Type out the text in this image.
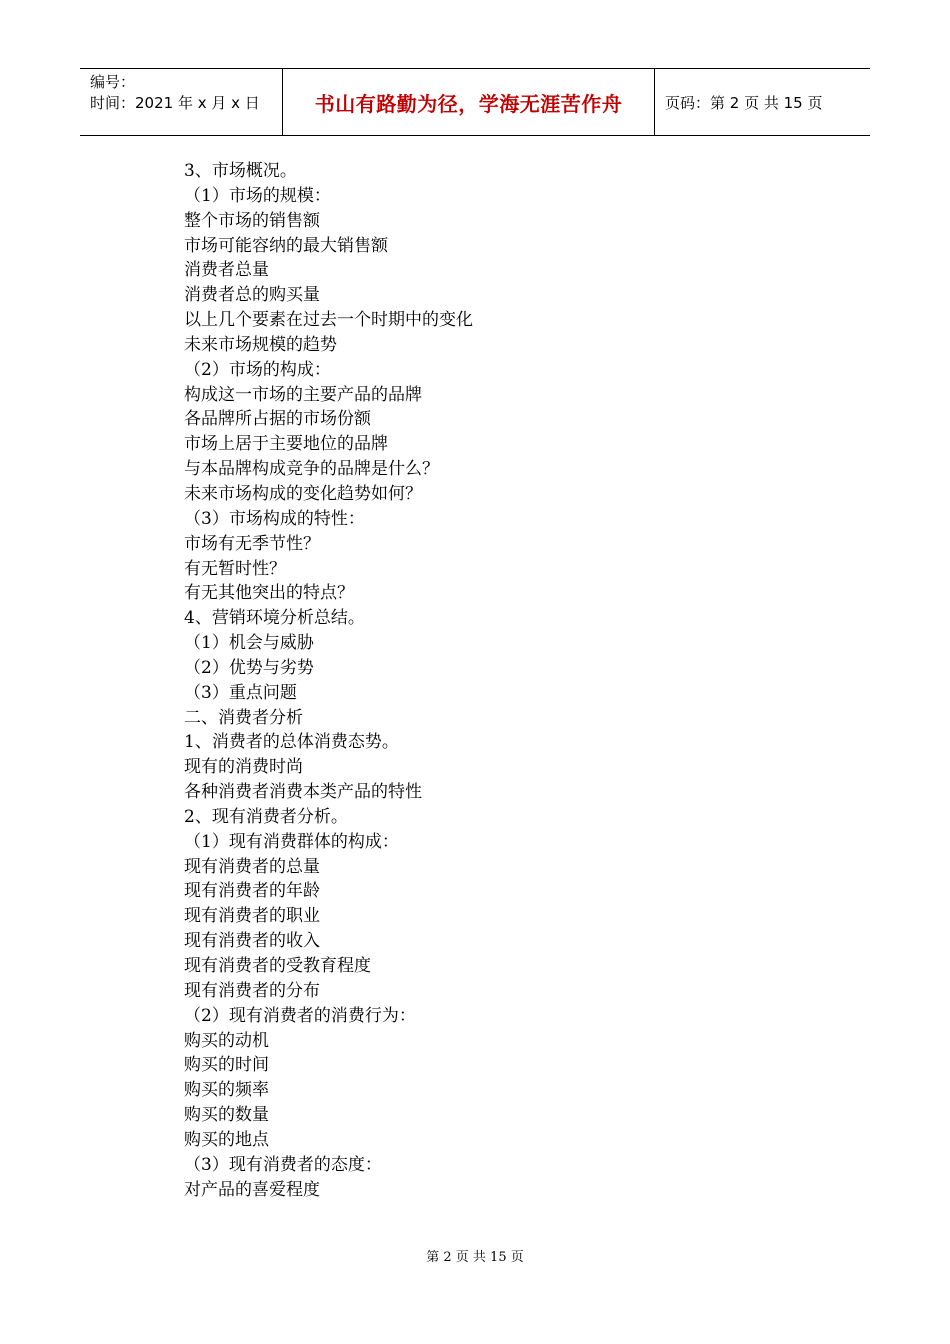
编号：
时间：2021 年 x 月 x 日	书山有路勤为径，学海无涯苦作舟	页码：第 2 页 共 15 页
3、市场概况。
（1）市场的规模：
整个市场的销售额
市场可能容纳的最大销售额
消费者总量
消费者总的购买量
以上几个要素在过去一个时期中的变化
未来市场规模的趋势
（2）市场的构成：
构成这一市场的主要产品的品牌
各品牌所占据的市场份额
市场上居于主要地位的品牌
与本品牌构成竞争的品牌是什么？
未来市场构成的变化趋势如何？
（3）市场构成的特性：
市场有无季节性？
有无暂时性？
有无其他突出的特点？
4、营销环境分析总结。
（1）机会与威胁
（2）优势与劣势
（3）重点问题
二、消费者分析
1、消费者的总体消费态势。
现有的消费时尚
各种消费者消费本类产品的特性
2、现有消费者分析。
（1）现有消费群体的构成：
现有消费者的总量
现有消费者的年龄
现有消费者的职业
现有消费者的收入
现有消费者的受教育程度
现有消费者的分布
（2）现有消费者的消费行为：
购买的动机
购买的时间
购买的频率
购买的数量
购买的地点
（3）现有消费者的态度：
对产品的喜爱程度
第 2 页 共 15 页
